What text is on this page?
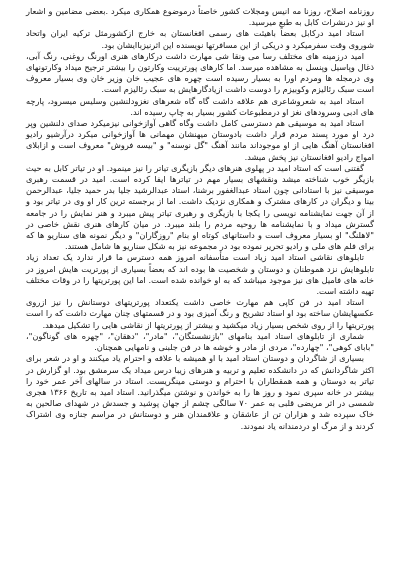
روزنامه اصلاح، روزنا مه انیس ومجلات کشور خاصتاً درموضوع همکاری میکرد .بعضی مضامین و اشعار او نیز درنشرات کابل به طبع میرسید.

استاد امید درکابل بعضاً باهیئت های رسمی افغانستان به خارج ازکشورمثل ترکیه ایران واتحاد شوروی وقت سفرمیکرد و دریکی از این مسافرتها نویسنده این اثرنیزباایشان بود.

امید درزمینه های مختلف رسا می ونقا شی مهارت داشت درکارهای هنری اورنگ روغنی، رنگ آبی، ذغال وپاسیل وپنسل به مشاهده میرسد. اما کارهای پورترییت وکارتون را بیشتر ترجیح میداد وکارتونهای وی درمجله ها ومردم اورا به بسیار رسیده است چهره های عجیب خان وزیر خان وی بسیار معروف است سبک رئالیزم وکوبیزم را دوست داشت ازیادگارهایش به سبک رئالیزم است.

استاد امید به شعروشاعری هم علاقه داشت گاه گاه شعرهای نغزودلنشین وسلیس میسرود، پارچه های ادبی وسرودهای نغز او درمطبوعات کشور بسیار به چاپ رسیده اند.

استاد امید به موسیقی هم دسترسی کامل داشت وگاه گاهی آوازخوانی نیزمیکرد صدای دلنشین وپر درد او مورد پسند مردم قرار داشت بادوستان میهنشان مهمانی ها آوازخوانی میکرد درآرشیو رادیو افغانستان آهنگ هایی از او موجوداند مانند آهنگ "گل نوسنه" و "بیسه فروش" معروف است و ازابلای امواج رادیو افغانستان نیز پخش میشد.

گفتنی است که استاد امید در پهلوی هنرهای دیگر بازیگری تیاتر را نیز مینمود. او در تیاتر کابل به حیث بازیگر خوب شناخته میشد ونقشهای بسیار مهم در تیاترها ایفا کرده است. امید در قسمت رهبری موسیقی نیز با استادانی چون استاد عبدالغفور برشنا، استاد عبدالرشید جلیا بدر حمید جلیا، عبدالرحمن بینا و دیگران در کارهای مشترک و همکاری نزدیک داشت. اما از برجسته ترین کار او وی در تیاتر بود و از آن جهت نمایشنامه نویسی را یکجا با بازیگری و رهبری تیاتر پیش میبرد و هنر نمایش را در جامعه گسترش میداد و با نمایشنامه ها روحیه مردم را بلند میبرد. در میان کارهای هنری نقش خاصی در "لاهلنگ" او بسیار معروف است و داستانهای کوتاه او بنام "روزگاران" و دیگر نمونه های سناریو ها که برای فلم های ملی و رادیو تحریر نموده بود در مجموعه نیز به شکل سناریو ها شامل هستند.

تابلوهای نقاشی استاد امید زیاد است متأسفانه امروز همه دسترس ما قرار ندارد یک تعداد زیاد تابلوهایش نزد هموطنان و دوستان و شخصیت ها بوده اند که بعضاً بسیاری از پورتریت هایش امروز در خانه های فامیل های نیز موجود میباشد که به او خوانده شده است. اما این پورتریتها را در وقات مختلف تهیه داشته است.

استاد امید در فن کاپی هم مهارت خاصی داشت یکتعداد پورتریتهای دوستانش را نیز ازروی عکسهایشان ساخته بود او استاد تشریح و رنگ آمیزی بود و در قسمتهای چنان مهارت داشت که را است پورتریتها را از روی شخص بسیار زیاد میکشید و بیشتر از پورتریتها از نقاشی هایی را تشکیل میدهد.

شماری از تابلوهای استاد امید بنامهای "بازنشستگان"، "مادر"، "دهقان"، "چهره های گوناگون"، "بابای کوهی"، "چهارده"، مردی از مادر و خوشه ها در فن جلبنی و نامهایی همچنان.

بسیاری از شاگردان و دوستان استاد امید با او همیشه با علاقه و احترام یاد میکنند و او در شعر برای اکثر شاگردانش که در دانشکده تعلیم و تربیه و هنرهای زیبا درس میداد یک سرمشق بود. او گزارش در تیاتر به دوستان و همه همقطاران با احترام و دوستی مینگریست. استاد در سالهای آخر عمر خود را بیشتر در خانه سپری نمود و روز ها را به خواندن و نوشتن میگذرانید. استاد امید به تاریخ ۱۳۶۶ هجری شمسی در اثر مریضی قلبی به عمر ۷۰ سالگی چشم از جهان پوشید و جسدش در شهدای صالحین به خاک سپرده شد و هزاران تن از عاشقان و علاقمندان هنر و دوستانش در مراسم جنازه وی اشتراک کردند و از مرگ او دردمندانه یاد نمودند.
